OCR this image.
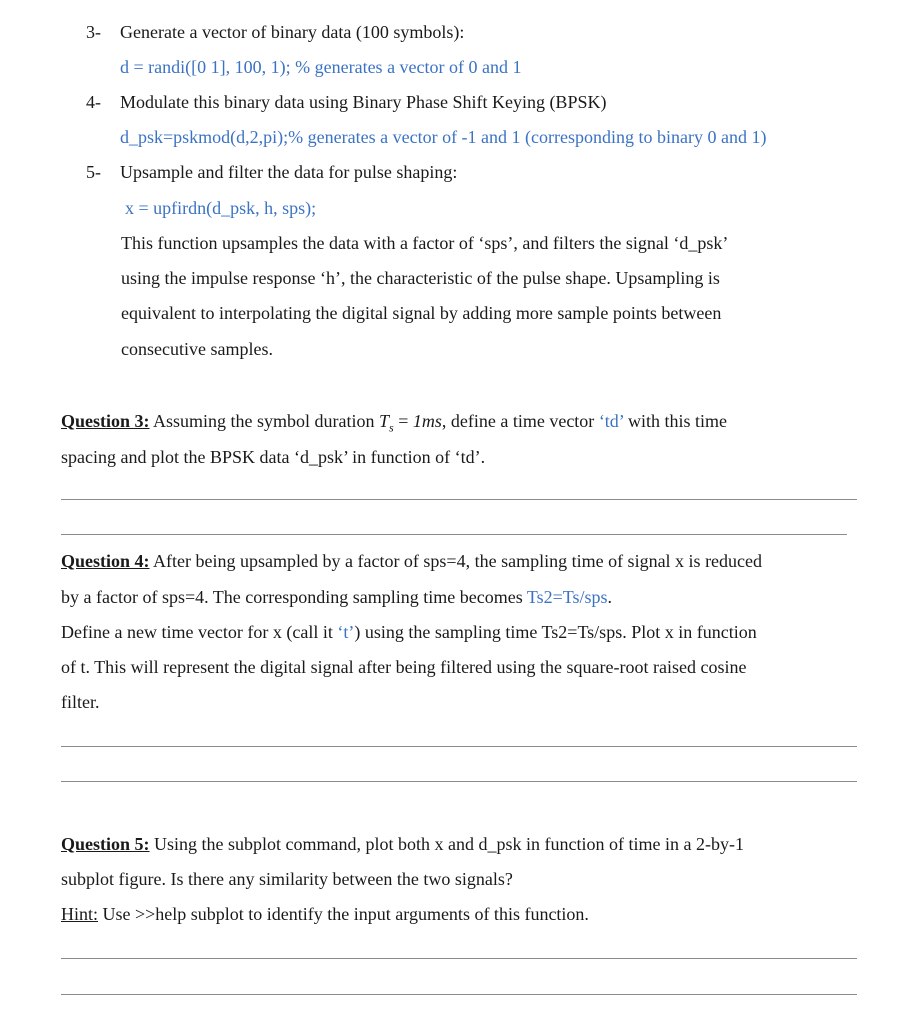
3- Generate a vector of binary data (100 symbols):
d = randi([0 1], 100, 1); % generates a vector of 0 and 1
4- Modulate this binary data using Binary Phase Shift Keying (BPSK)
d_psk=pskmod(d,2,pi);% generates a vector of -1 and 1 (corresponding to binary 0 and 1)
5- Upsample and filter the data for pulse shaping:
x = upfirdn(d_psk, h, sps);
This function upsamples the data with a factor of ‘sps’, and filters the signal ‘d_psk’
using the impulse response ‘h’, the characteristic of the pulse shape. Upsampling is
equivalent to interpolating the digital signal by adding more sample points between
consecutive samples.
Question 3: Assuming the symbol duration $T_s = 1ms$, define a time vector ‘td’ with this time
spacing and plot the BPSK data ‘d_psk’ in function of ‘td’.
Question 4: After being upsampled by a factor of sps=4, the sampling time of signal x is reduced
by a factor of sps=4. The corresponding sampling time becomes Ts2=Ts/sps.
Define a new time vector for x (call it ‘t’) using the sampling time Ts2=Ts/sps. Plot x in function
of t. This will represent the digital signal after being filtered using the square-root raised cosine
filter.
Question 5: Using the subplot command, plot both x and d_psk in function of time in a 2-by-1
subplot figure. Is there any similarity between the two signals?
Hint: Use >>help subplot to identify the input arguments of this function.
